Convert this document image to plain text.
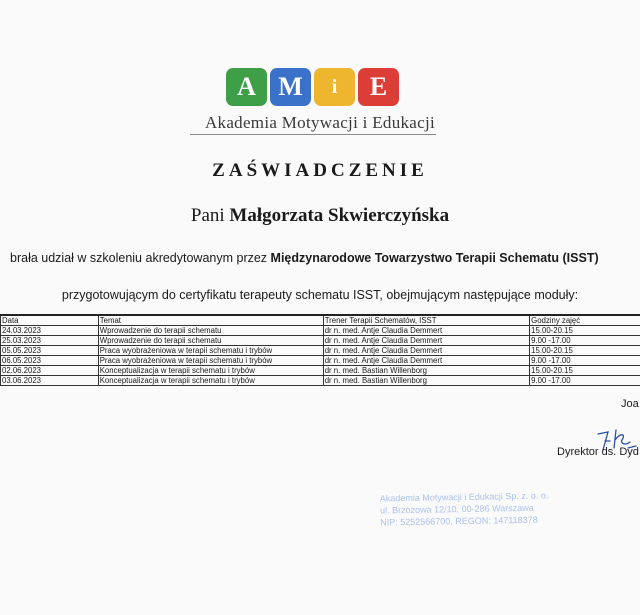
A M	i	E
Akademia Motywacji i Edukacji
ZAŚWIADCZENIE
Pani Małgorzata Skwierczyńska
brała udział w szkoleniu akredytowanym przez Międzynarodowe Towarzystwo Terapii Schematu (ISST)
przygotowującym do certyfikatu terapeuty schematu ISST, obejmującym następujące moduły:
Data	Temat	Trener Terapii Schematów, ISST	Godziny zajęć
24.03.2023	Wprowadzenie do terapii schematu	dr n. med. Antje Claudia Demmert	15.00-20.15
25.03.2023	Wprowadzenie do terapii schematu	dr n. med. Antje Claudia Demmert	9.00 -17.00
05.05.2023	Praca wyobrażeniowa w terapii schematu i trybów	dr n. med. Antje Claudia Demmert	15.00-20.15
06.05.2023	Praca wyobrażeniowa w terapii schematu i trybów	dr n. med. Antje Claudia Demmert	9.00 -17.00
02.06.2023	Konceptualizacja w terapii schematu i trybów	dr n. med. Bastian Willenborg	15.00-20.15
03.06.2023	Konceptualizacja w terapii schematu i trybów	dr n. med. Bastian Willenborg	9.00 -17.00
Joa
Dyrektor ds. Dyd
Akademia Motywacji i Edukacji Sp. z. o. o.
ul. Brzozowa 12/10, 00-286 Warszawa
NIP: 5252566700, REGON: 147118378
